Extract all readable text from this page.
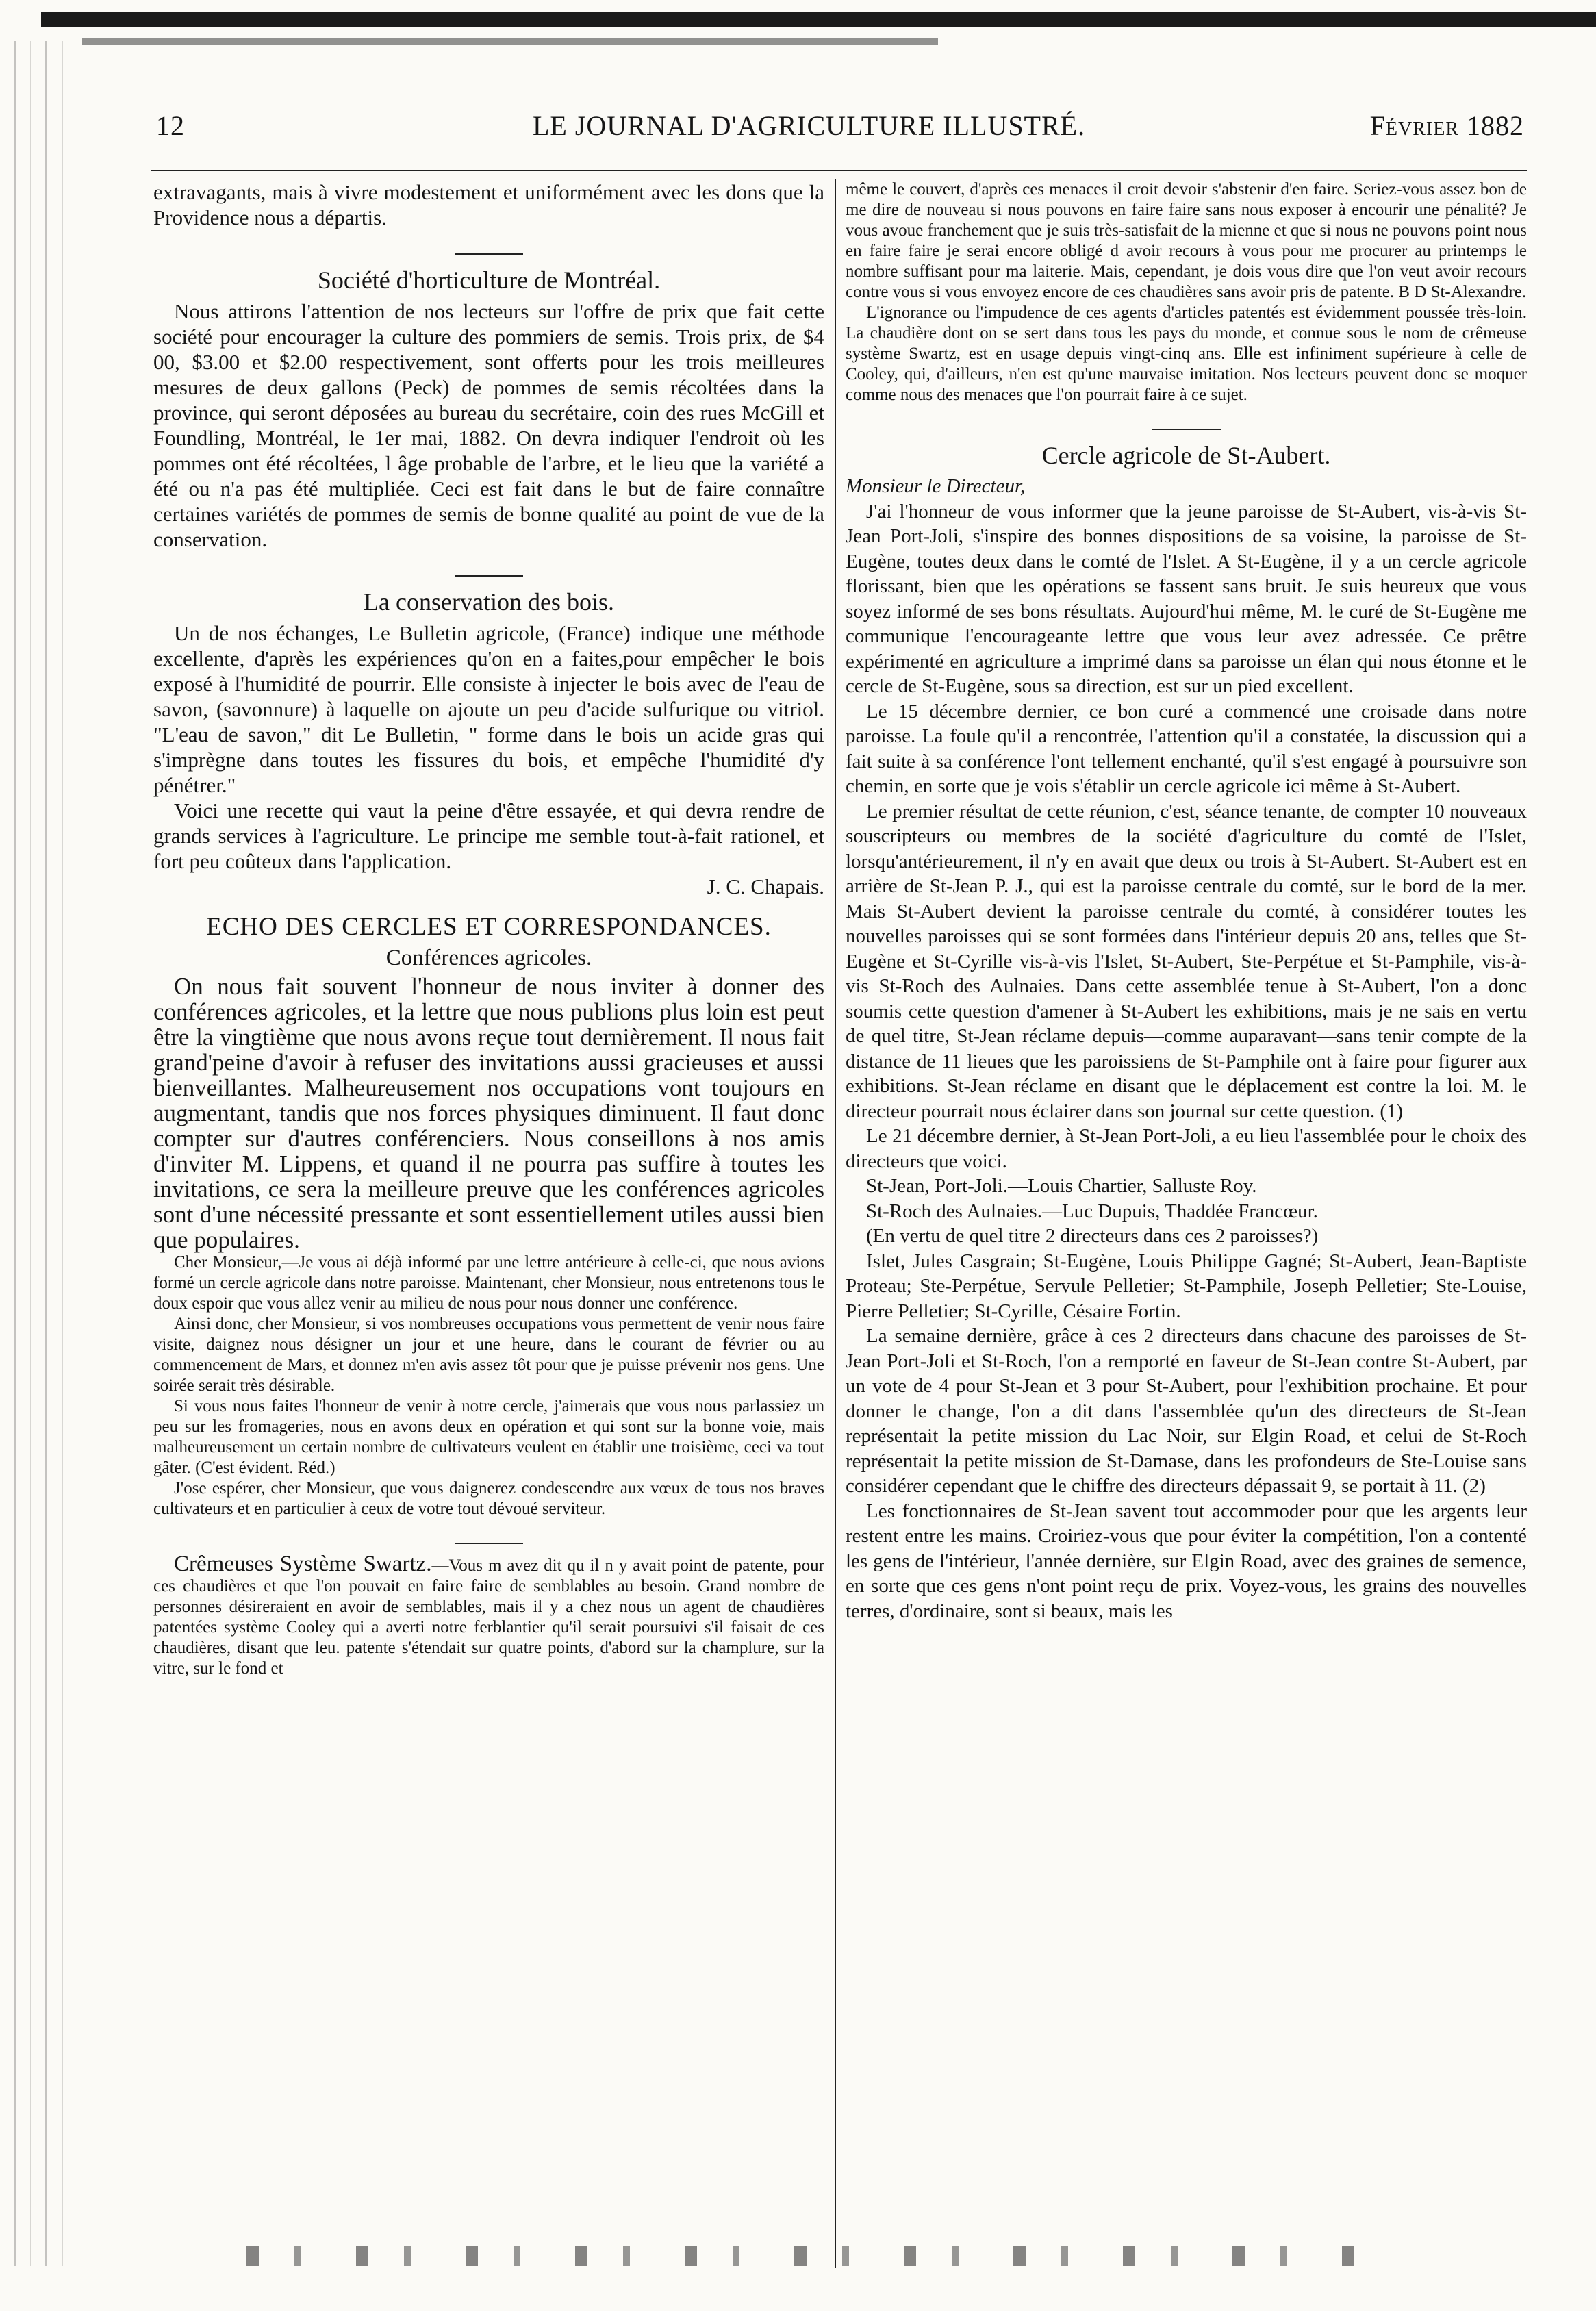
12	LE JOURNAL D'AGRICULTURE ILLUSTRÉ.	Février 1882

extravagants, mais à vivre modestement et uniformément avec les dons que la Providence nous a départis.

Société d'horticulture de Montréal.

Nous attirons l'attention de nos lecteurs sur l'offre de prix que fait cette société pour encourager la culture des pommiers de semis. Trois prix, de $4 00, $3.00 et $2.00 respectivement, sont offerts pour les trois meilleures mesures de deux gallons (Peck) de pommes de semis récoltées dans la province, qui seront déposées au bureau du secrétaire, coin des rues McGill et Foundling, Montréal, le 1er mai, 1882. On devra indiquer l'endroit où les pommes ont été récoltées, l âge probable de l'arbre, et le lieu que la variété a été ou n'a pas été multipliée. Ceci est fait dans le but de faire connaître certaines variétés de pommes de semis de bonne qualité au point de vue de la conservation.

La conservation des bois.

Un de nos échanges, Le Bulletin agricole, (France) indique une méthode excellente, d'après les expériences qu'on en a faites,pour empêcher le bois exposé à l'humidité de pourrir. Elle consiste à injecter le bois avec de l'eau de savon, (savonnure) à laquelle on ajoute un peu d'acide sulfurique ou vitriol. "L'eau de savon," dit Le Bulletin, " forme dans le bois un acide gras qui s'imprègne dans toutes les fissures du bois, et empêche l'humidité d'y pénétrer."

Voici une recette qui vaut la peine d'être essayée, et qui devra rendre de grands services à l'agriculture. Le principe me semble tout-à-fait rationel, et fort peu coûteux dans l'application.

J. C. Chapais.

ECHO DES CERCLES ET CORRESPONDANCES.
Conférences agricoles.

On nous fait souvent l'honneur de nous inviter à donner des conférences agricoles, et la lettre que nous publions plus loin est peut être la vingtième que nous avons reçue tout dernièrement. Il nous fait grand'peine d'avoir à refuser des invitations aussi gracieuses et aussi bienveillantes. Malheureusement nos occupations vont toujours en augmentant, tandis que nos forces physiques diminuent. Il faut donc compter sur d'autres conférenciers. Nous conseillons à nos amis d'inviter M. Lippens, et quand il ne pourra pas suffire à toutes les invitations, ce sera la meilleure preuve que les conférences agricoles sont d'une nécessité pressante et sont essentiellement utiles aussi bien que populaires.

Cher Monsieur,—Je vous ai déjà informé par une lettre antérieure à celle-ci, que nous avions formé un cercle agricole dans notre paroisse. Maintenant, cher Monsieur, nous entretenons tous le doux espoir que vous allez venir au milieu de nous pour nous donner une conférence.

Ainsi donc, cher Monsieur, si vos nombreuses occupations vous permettent de venir nous faire visite, daignez nous désigner un jour et une heure, dans le courant de février ou au commencement de Mars, et donnez m'en avis assez tôt pour que je puisse prévenir nos gens. Une soirée serait très désirable.

Si vous nous faites l'honneur de venir à notre cercle, j'aimerais que vous nous parlassiez un peu sur les fromageries, nous en avons deux en opération et qui sont sur la bonne voie, mais malheureusement un certain nombre de cultivateurs veulent en établir une troisième, ceci va tout gâter. (C'est évident. Réd.)

J'ose espérer, cher Monsieur, que vous daignerez condescendre aux vœux de tous nos braves cultivateurs et en particulier à ceux de votre tout dévoué serviteur.

Crêmeuses Système Swartz.—Vous m avez dit qu il n y avait point de patente, pour ces chaudières et que l'on pouvait en faire faire de semblables au besoin. Grand nombre de personnes désireraient en avoir de semblables, mais il y a chez nous un agent de chaudières patentées système Cooley qui a averti notre ferblantier qu'il serait poursuivi s'il faisait de ces chaudières, disant que leu. patente s'étendait sur quatre points, d'abord sur la champlure, sur la vitre, sur le fond et

même le couvert, d'après ces menaces il croit devoir s'abstenir d'en faire. Seriez-vous assez bon de me dire de nouveau si nous pouvons en faire faire sans nous exposer à encourir une pénalité? Je vous avoue franchement que je suis très-satisfait de la mienne et que si nous ne pouvons point nous en faire faire je serai encore obligé d avoir recours à vous pour me procurer au printemps le nombre suffisant pour ma laiterie. Mais, cependant, je dois vous dire que l'on veut avoir recours contre vous si vous envoyez encore de ces chaudières sans avoir pris de patente. B D St-Alexandre.

L'ignorance ou l'impudence de ces agents d'articles patentés est évidemment poussée très-loin. La chaudière dont on se sert dans tous les pays du monde, et connue sous le nom de crêmeuse système Swartz, est en usage depuis vingt-cinq ans. Elle est infiniment supérieure à celle de Cooley, qui, d'ailleurs, n'en est qu'une mauvaise imitation. Nos lecteurs peuvent donc se moquer comme nous des menaces que l'on pourrait faire à ce sujet.

Cercle agricole de St-Aubert.

Monsieur le Directeur,

J'ai l'honneur de vous informer que la jeune paroisse de St-Aubert, vis-à-vis St-Jean Port-Joli, s'inspire des bonnes dispositions de sa voisine, la paroisse de St-Eugène, toutes deux dans le comté de l'Islet. A St-Eugène, il y a un cercle agricole florissant, bien que les opérations se fassent sans bruit. Je suis heureux que vous soyez informé de ses bons résultats. Aujourd'hui même, M. le curé de St-Eugène me communique l'encourageante lettre que vous leur avez adressée. Ce prêtre expérimenté en agriculture a imprimé dans sa paroisse un élan qui nous étonne et le cercle de St-Eugène, sous sa direction, est sur un pied excellent.

Le 15 décembre dernier, ce bon curé a commencé une croisade dans notre paroisse. La foule qu'il a rencontrée, l'attention qu'il a constatée, la discussion qui a fait suite à sa conférence l'ont tellement enchanté, qu'il s'est engagé à poursuivre son chemin, en sorte que je vois s'établir un cercle agricole ici même à St-Aubert.

Le premier résultat de cette réunion, c'est, séance tenante, de compter 10 nouveaux souscripteurs ou membres de la société d'agriculture du comté de l'Islet, lorsqu'antérieurement, il n'y en avait que deux ou trois à St-Aubert. St-Aubert est en arrière de St-Jean P. J., qui est la paroisse centrale du comté, sur le bord de la mer. Mais St-Aubert devient la paroisse centrale du comté, à considérer toutes les nouvelles paroisses qui se sont formées dans l'intérieur depuis 20 ans, telles que St-Eugène et St-Cyrille vis-à-vis l'Islet, St-Aubert, Ste-Perpétue et St-Pamphile, vis-à-vis St-Roch des Aulnaies. Dans cette assemblée tenue à St-Aubert, l'on a donc soumis cette question d'amener à St-Aubert les exhibitions, mais je ne sais en vertu de quel titre, St-Jean réclame depuis—comme auparavant—sans tenir compte de la distance de 11 lieues que les paroissiens de St-Pamphile ont à faire pour figurer aux exhibitions. St-Jean réclame en disant que le déplacement est contre la loi. M. le directeur pourrait nous éclairer dans son journal sur cette question. (1)

Le 21 décembre dernier, à St-Jean Port-Joli, a eu lieu l'assemblée pour le choix des directeurs que voici.

St-Jean, Port-Joli.—Louis Chartier, Salluste Roy.

St-Roch des Aulnaies.—Luc Dupuis, Thaddée Francœur.

(En vertu de quel titre 2 directeurs dans ces 2 paroisses?)

Islet, Jules Casgrain; St-Eugène, Louis Philippe Gagné; St-Aubert, Jean-Baptiste Proteau; Ste-Perpétue, Servule Pelletier; St-Pamphile, Joseph Pelletier; Ste-Louise, Pierre Pelletier; St-Cyrille, Césaire Fortin.

La semaine dernière, grâce à ces 2 directeurs dans chacune des paroisses de St-Jean Port-Joli et St-Roch, l'on a remporté en faveur de St-Jean contre St-Aubert, par un vote de 4 pour St-Jean et 3 pour St-Aubert, pour l'exhibition prochaine. Et pour donner le change, l'on a dit dans l'assemblée qu'un des directeurs de St-Jean représentait la petite mission du Lac Noir, sur Elgin Road, et celui de St-Roch représentait la petite mission de St-Damase, dans les profondeurs de Ste-Louise sans considérer cependant que le chiffre des directeurs dépassait 9, se portait à 11. (2)

Les fonctionnaires de St-Jean savent tout accommoder pour que les argents leur restent entre les mains. Croiriez-vous que pour éviter la compétition, l'on a contenté les gens de l'intérieur, l'année dernière, sur Elgin Road, avec des graines de semence, en sorte que ces gens n'ont point reçu de prix. Voyez-vous, les grains des nouvelles terres, d'ordinaire, sont si beaux, mais les
